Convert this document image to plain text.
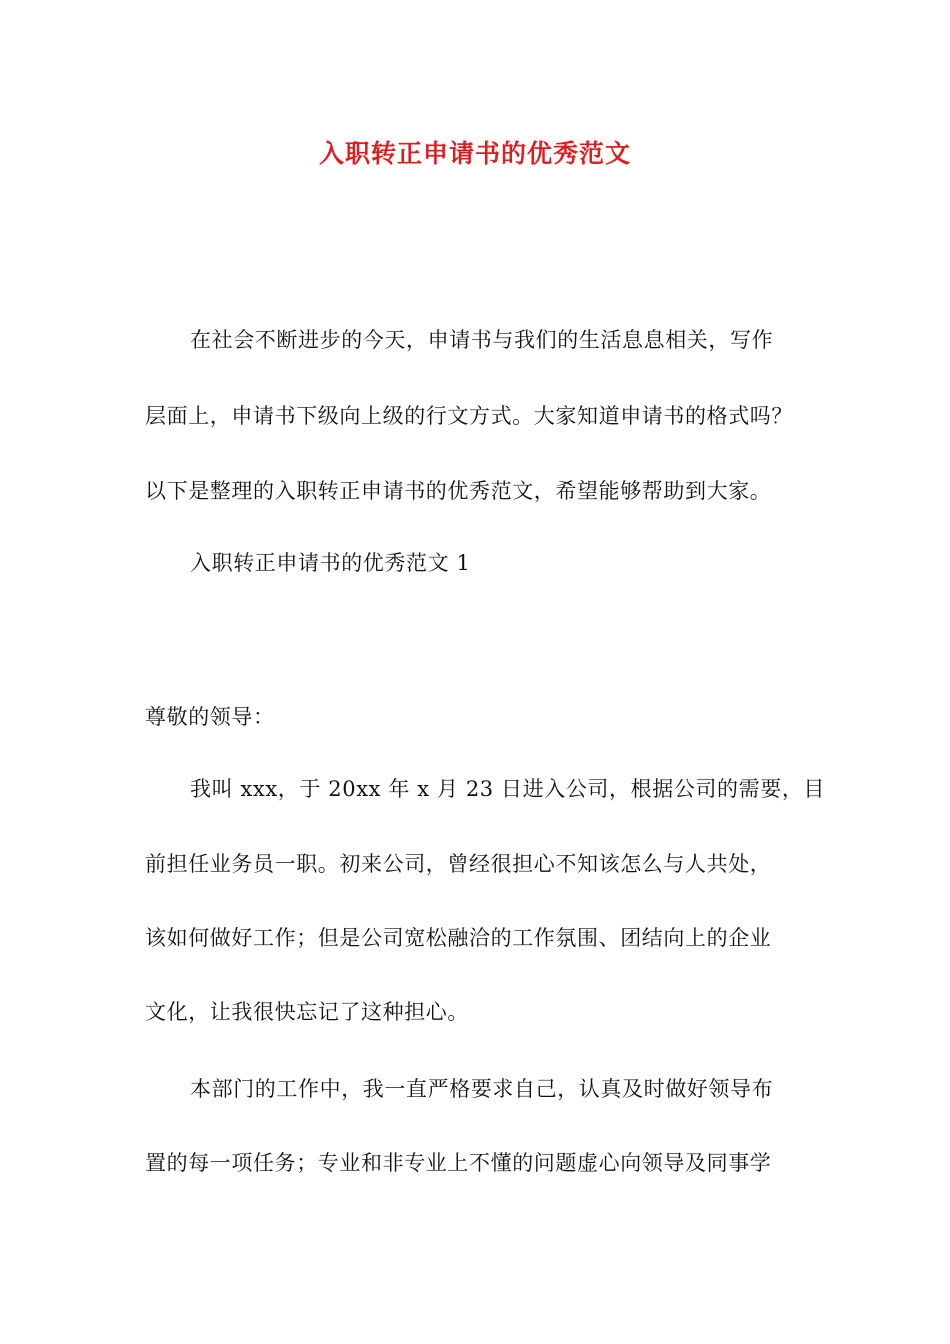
入职转正申请书的优秀范文
在社会不断进步的今天，申请书与我们的生活息息相关，写作
层面上，申请书下级向上级的行文方式。大家知道申请书的格式吗？
以下是整理的入职转正申请书的优秀范文，希望能够帮助到大家。
入职转正申请书的优秀范文 1
尊敬的领导：
我叫 xxx，于 20xx 年 x 月 23 日进入公司，根据公司的需要，目
前担任业务员一职。初来公司，曾经很担心不知该怎么与人共处，
该如何做好工作；但是公司宽松融洽的工作氛围、团结向上的企业
文化，让我很快忘记了这种担心。
本部门的工作中，我一直严格要求自己，认真及时做好领导布
置的每一项任务；专业和非专业上不懂的问题虚心向领导及同事学
